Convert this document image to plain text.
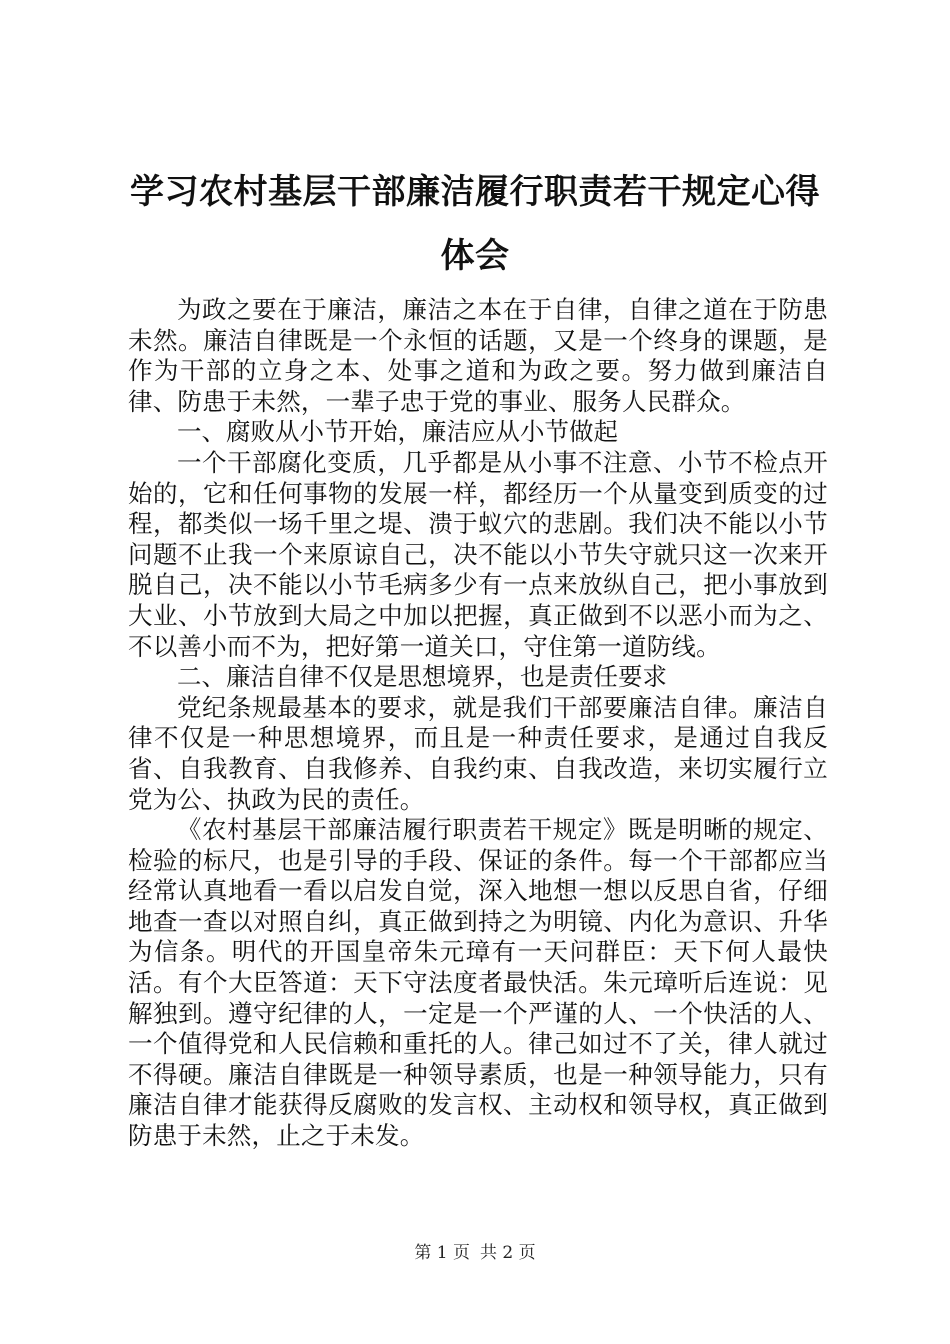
学习农村基层干部廉洁履行职责若干规定心得
体会

为政之要在于廉洁，廉洁之本在于自律，自律之道在于防患未然。廉洁自律既是一个永恒的话题，又是一个终身的课题，是作为干部的立身之本、处事之道和为政之要。努力做到廉洁自律、防患于未然，一辈子忠于党的事业、服务人民群众。

一、腐败从小节开始，廉洁应从小节做起

一个干部腐化变质，几乎都是从小事不注意、小节不检点开始的，它和任何事物的发展一样，都经历一个从量变到质变的过程，都类似一场千里之堤、溃于蚁穴的悲剧。我们决不能以小节问题不止我一个来原谅自己，决不能以小节失守就只这一次来开脱自己，决不能以小节毛病多少有一点来放纵自己，把小事放到大业、小节放到大局之中加以把握，真正做到不以恶小而为之、不以善小而不为，把好第一道关口，守住第一道防线。

二、廉洁自律不仅是思想境界，也是责任要求

党纪条规最基本的要求，就是我们干部要廉洁自律。廉洁自律不仅是一种思想境界，而且是一种责任要求，是通过自我反省、自我教育、自我修养、自我约束、自我改造，来切实履行立党为公、执政为民的责任。

《农村基层干部廉洁履行职责若干规定》既是明晰的规定、检验的标尺，也是引导的手段、保证的条件。每一个干部都应当经常认真地看一看以启发自觉，深入地想一想以反思自省，仔细地查一查以对照自纠，真正做到持之为明镜、内化为意识、升华为信条。明代的开国皇帝朱元璋有一天问群臣：天下何人最快活。有个大臣答道：天下守法度者最快活。朱元璋听后连说：见解独到。遵守纪律的人，一定是一个严谨的人、一个快活的人、一个值得党和人民信赖和重托的人。律己如过不了关，律人就过不得硬。廉洁自律既是一种领导素质，也是一种领导能力，只有廉洁自律才能获得反腐败的发言权、主动权和领导权，真正做到防患于未然，止之于未发。

第 1 页 共 2 页
